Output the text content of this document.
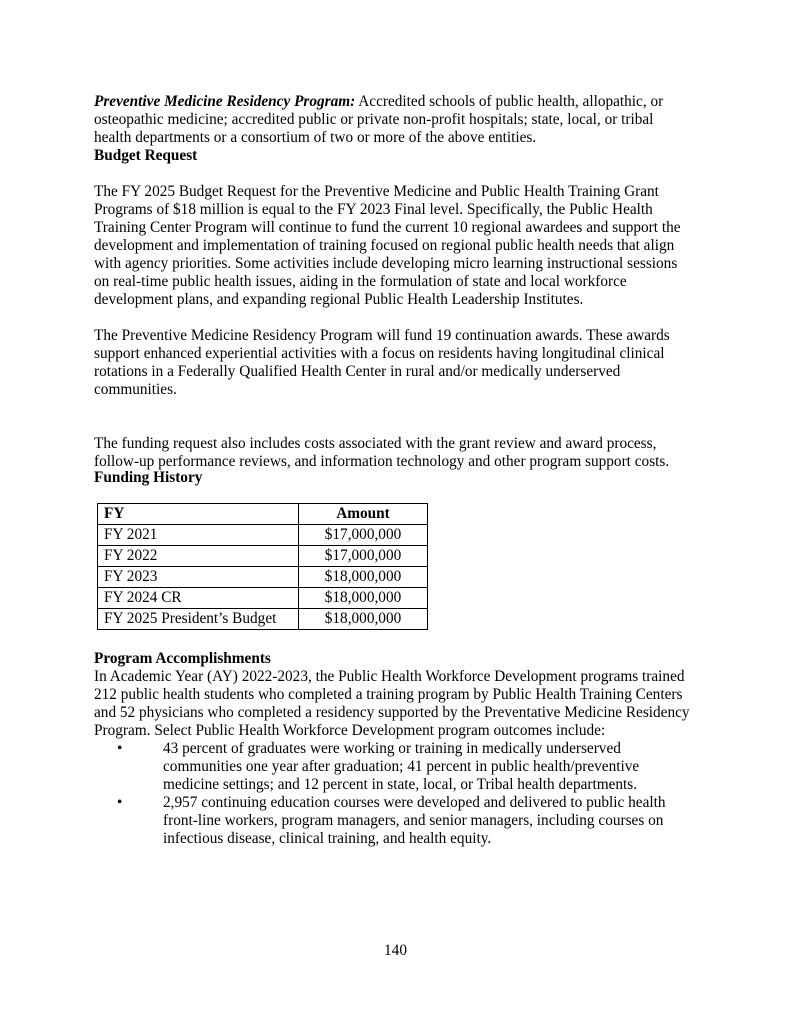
Preventive Medicine Residency Program: Accredited schools of public health, allopathic, or
osteopathic medicine; accredited public or private non-profit hospitals; state, local, or tribal
health departments or a consortium of two or more of the above entities.
Budget Request
The FY 2025 Budget Request for the Preventive Medicine and Public Health Training Grant
Programs of $18 million is equal to the FY 2023 Final level. Specifically, the Public Health
Training Center Program will continue to fund the current 10 regional awardees and support the
development and implementation of training focused on regional public health needs that align
with agency priorities. Some activities include developing micro learning instructional sessions
on real-time public health issues, aiding in the formulation of state and local workforce
development plans, and expanding regional Public Health Leadership Institutes.
The Preventive Medicine Residency Program will fund 19 continuation awards. These awards
support enhanced experiential activities with a focus on residents having longitudinal clinical
rotations in a Federally Qualified Health Center in rural and/or medically underserved
communities.
The funding request also includes costs associated with the grant review and award process,
follow-up performance reviews, and information technology and other program support costs.
Funding History
FY	Amount
FY 2021	$17,000,000
FY 2022	$17,000,000
FY 2023	$18,000,000
FY 2024 CR	$18,000,000
FY 2025 President’s Budget	$18,000,000
Program Accomplishments
In Academic Year (AY) 2022-2023, the Public Health Workforce Development programs trained
212 public health students who completed a training program by Public Health Training Centers
and 52 physicians who completed a residency supported by the Preventative Medicine Residency
Program. Select Public Health Workforce Development program outcomes include:
•	43 percent of graduates were working or training in medically underserved
communities one year after graduation; 41 percent in public health/preventive
medicine settings; and 12 percent in state, local, or Tribal health departments.
•	2,957 continuing education courses were developed and delivered to public health
front-line workers, program managers, and senior managers, including courses on
infectious disease, clinical training, and health equity.
140
